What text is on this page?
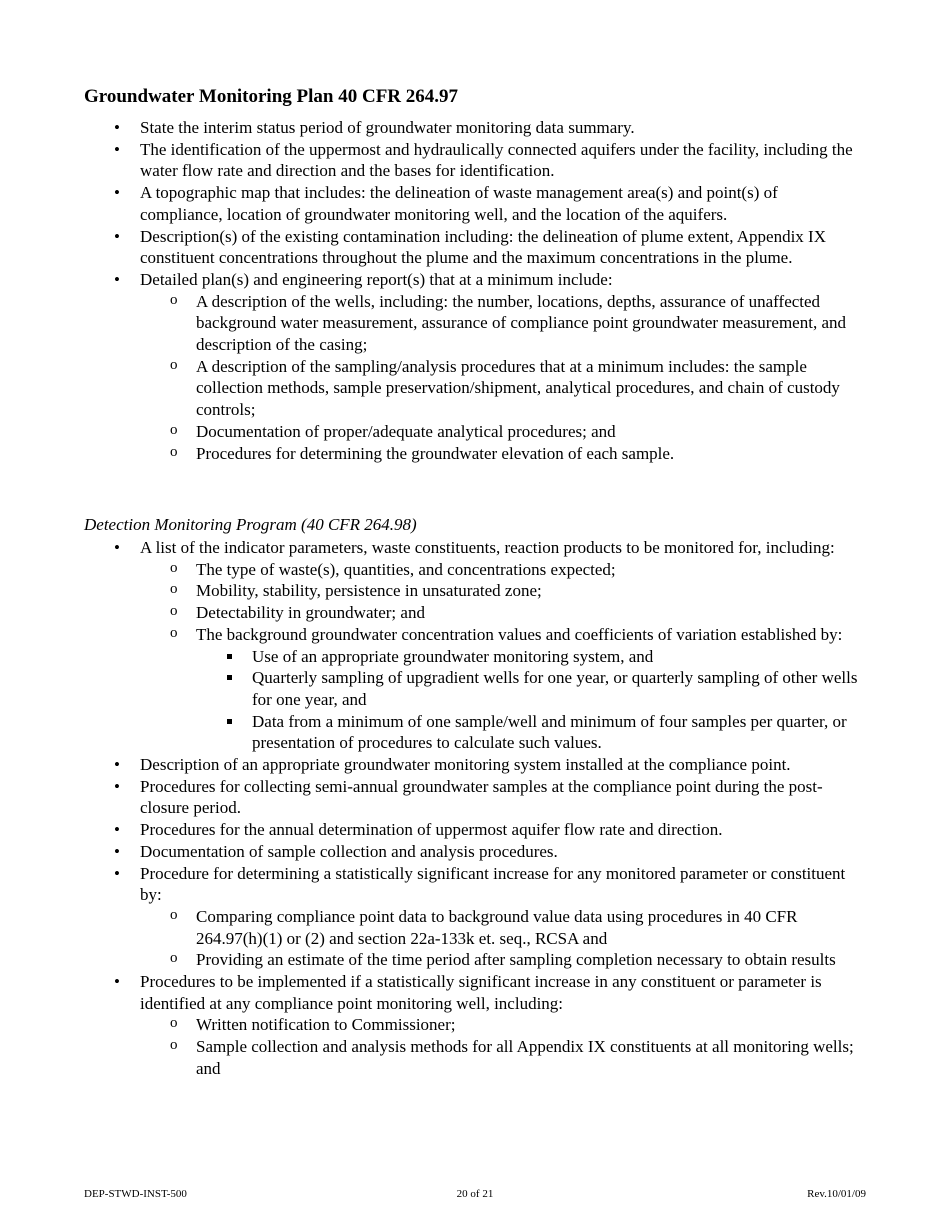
Groundwater Monitoring Plan 40 CFR 264.97
• State the interim status period of groundwater monitoring data summary.
• The identification of the uppermost and hydraulically connected aquifers under the facility, including the water flow rate and direction and the bases for identification.
• A topographic map that includes: the delineation of waste management area(s) and point(s) of compliance, location of groundwater monitoring well, and the location of the aquifers.
• Description(s) of the existing contamination including: the delineation of plume extent, Appendix IX constituent concentrations throughout the plume and the maximum concentrations in the plume.
• Detailed plan(s) and engineering report(s) that at a minimum include:
o A description of the wells, including: the number, locations, depths, assurance of unaffected background water measurement, assurance of compliance point groundwater measurement, and description of the casing;
o A description of the sampling/analysis procedures that at a minimum includes: the sample collection methods, sample preservation/shipment, analytical procedures, and chain of custody controls;
o Documentation of proper/adequate analytical procedures; and
o Procedures for determining the groundwater elevation of each sample.
Detection Monitoring Program (40 CFR 264.98)
• A list of the indicator parameters, waste constituents, reaction products to be monitored for, including:
o The type of waste(s), quantities, and concentrations expected;
o Mobility, stability, persistence in unsaturated zone;
o Detectability in groundwater; and
o The background groundwater concentration values and coefficients of variation established by:
Use of an appropriate groundwater monitoring system, and
Quarterly sampling of upgradient wells for one year, or quarterly sampling of other wells for one year, and
Data from a minimum of one sample/well and minimum of four samples per quarter, or presentation of procedures to calculate such values.
• Description of an appropriate groundwater monitoring system installed at the compliance point.
• Procedures for collecting semi-annual groundwater samples at the compliance point during the post-closure period.
• Procedures for the annual determination of uppermost aquifer flow rate and direction.
• Documentation of sample collection and analysis procedures.
• Procedure for determining a statistically significant increase for any monitored parameter or constituent by:
o Comparing compliance point data to background value data using procedures in 40 CFR 264.97(h)(1) or (2) and section 22a-133k et. seq., RCSA and
o Providing an estimate of the time period after sampling completion necessary to obtain results
• Procedures to be implemented if a statistically significant increase in any constituent or parameter is identified at any compliance point monitoring well, including:
o Written notification to Commissioner;
o Sample collection and analysis methods for all Appendix IX constituents at all monitoring wells; and
DEP-STWD-INST-500	20 of 21	Rev.10/01/09
